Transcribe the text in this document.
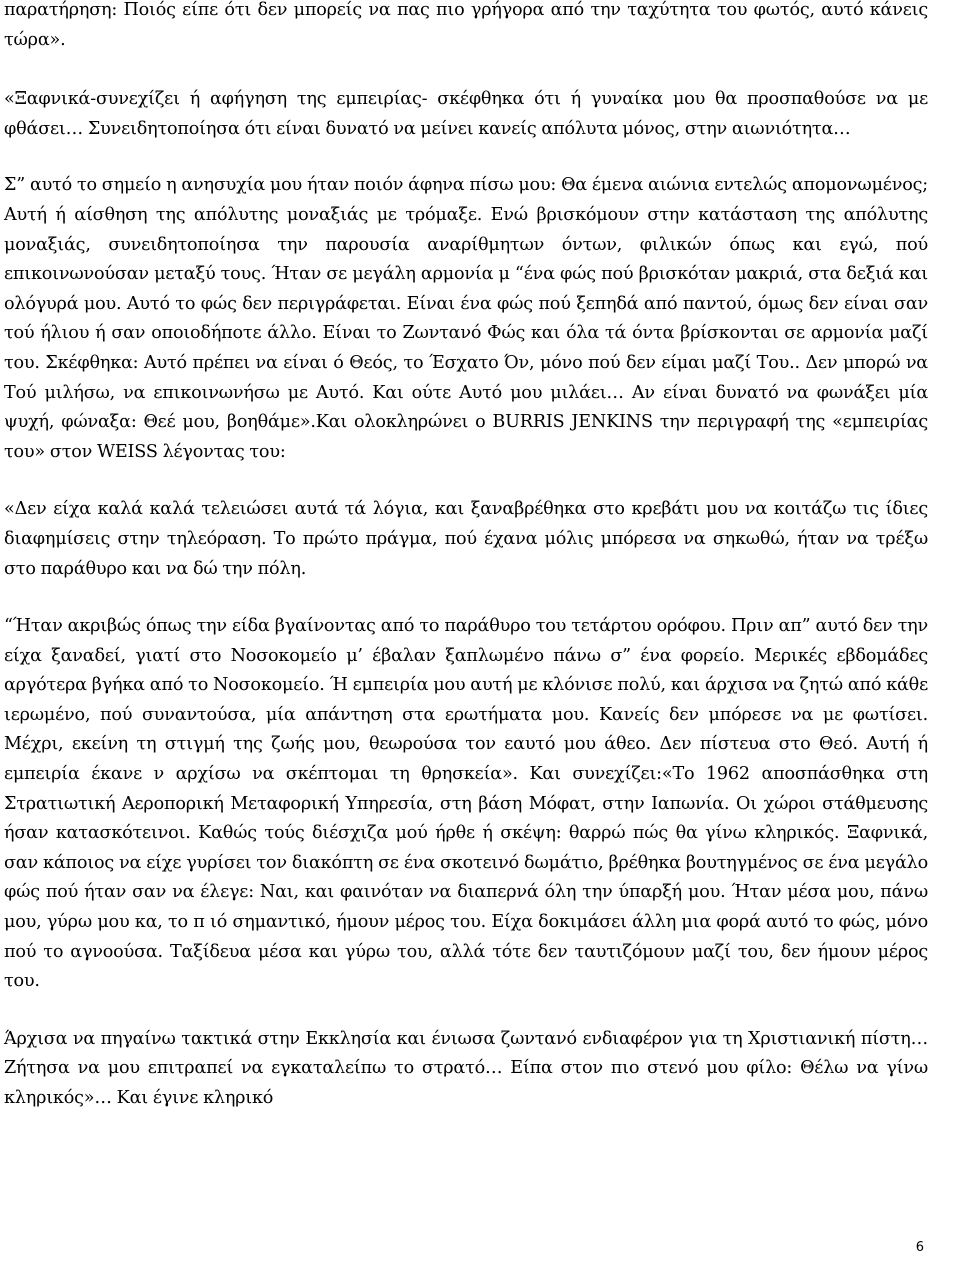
παρατήρηση: Ποιός είπε ότι δεν μπορείς να πας πιο γρήγορα από την ταχύτητα του φωτός, αυτό κάνεις τώρα».

«Ξαφνικά-συνεχίζει ή αφήγηση της εμπειρίας- σκέφθηκα ότι ή γυναίκα μου θα προσπαθούσε να με φθάσει… Συνειδητοποίησα ότι είναι δυνατό να μείνει κανείς απόλυτα μόνος, στην αιωνιότητα…

Σ” αυτό το σημείο η ανησυχία μου ήταν ποιόν άφηνα πίσω μου: Θα έμενα αιώνια εντελώς απομονωμένος; Αυτή ή αίσθηση της απόλυτης μοναξιάς με τρόμαξε. Ενώ βρισκόμουν στην κατάσταση της απόλυτης μοναξιάς, συνειδητοποίησα την παρουσία αναρίθμητων όντων, φιλικών όπως και εγώ, πού επικοινωνούσαν μεταξύ τους. Ήταν σε μεγάλη αρμονία μ “ένα φώς πού βρισκόταν μακριά, στα δεξιά και ολόγυρά μου. Αυτό το φώς δεν περιγράφεται. Είναι ένα φώς πού ξεπηδά από παντού, όμως δεν είναι σαν τού ήλιου ή σαν οποιοδήποτε άλλο. Είναι το Ζωντανό Φώς και όλα τά όντα βρίσκονται σε αρμονία μαζί του. Σκέφθηκα: Αυτό πρέπει να είναι ό Θεός, το Έσχατο Όν, μόνο πού δεν είμαι μαζί Του.. Δεν μπορώ να Τού μιλήσω, να επικοινωνήσω με Αυτό. Και ούτε Αυτό μου μιλάει… Αν είναι δυνατό να φωνάξει μία ψυχή, φώναξα: Θεέ μου, βοηθάμε».Και ολοκληρώνει ο BURRIS JENKINS την περιγραφή της «εμπειρίας του» στον WEISS λέγοντας του:

«Δεν είχα καλά καλά τελειώσει αυτά τά λόγια, και ξαναβρέθηκα στο κρεβάτι μου να κοιτάζω τις ίδιες διαφημίσεις στην τηλεόραση. Το πρώτο πράγμα, πού έχανα μόλις μπόρεσα να σηκωθώ, ήταν να τρέξω στο παράθυρο και να δώ την πόλη.

“Ήταν ακριβώς όπως την είδα βγαίνοντας από το παράθυρο του τετάρτου ορόφου. Πριν απ” αυτό δεν την είχα ξαναδεί, γιατί στο Νοσοκομείο μ’ έβαλαν ξαπλωμένο πάνω σ” ένα φορείο. Μερικές εβδομάδες αργότερα βγήκα από το Νοσοκομείο. Ή εμπειρία μου αυτή με κλόνισε πολύ, και άρχισα να ζητώ από κάθε ιερωμένο, πού συναντούσα, μία απάντηση στα ερωτήματα μου. Κανείς δεν μπόρεσε να με φωτίσει. Μέχρι, εκείνη τη στιγμή της ζωής μου, θεωρούσα τον εαυτό μου άθεο. Δεν πίστευα στο Θεό. Αυτή ή εμπειρία έκανε ν αρχίσω να σκέπτομαι τη θρησκεία». Και συνεχίζει:«Το 1962 αποσπάσθηκα στη Στρατιωτική Αεροπορική Μεταφορική Υπηρεσία, στη βάση Μόφατ, στην Ιαπωνία. Οι χώροι στάθμευσης ήσαν κατασκότεινοι. Καθώς τούς διέσχιζα μού ήρθε ή σκέψη: θαρρώ πώς θα γίνω κληρικός. Ξαφνικά, σαν κάποιος να είχε γυρίσει τον διακόπτη σε ένα σκοτεινό δωμάτιο, βρέθηκα βουτηγμένος σε ένα μεγάλο φώς πού ήταν σαν να έλεγε: Ναι, και φαινόταν να διαπερνά όλη την ύπαρξή μου. Ήταν μέσα μου, πάνω μου, γύρω μου κα, το π ιό σημαντικό, ήμουν μέρος του. Είχα δοκιμάσει άλλη μια φορά αυτό το φώς, μόνο πού το αγνοούσα. Ταξίδευα μέσα και γύρω του, αλλά τότε δεν ταυτιζόμουν μαζί του, δεν ήμουν μέρος του.

Άρχισα να πηγαίνω τακτικά στην Εκκλησία και ένιωσα ζωντανό ενδιαφέρον για τη Χριστιανική πίστη… Ζήτησα να μου επιτραπεί να εγκαταλείπω το στρατό… Είπα στον πιο στενό μου φίλο: Θέλω να γίνω κληρικός»… Και έγινε κληρικό

6
